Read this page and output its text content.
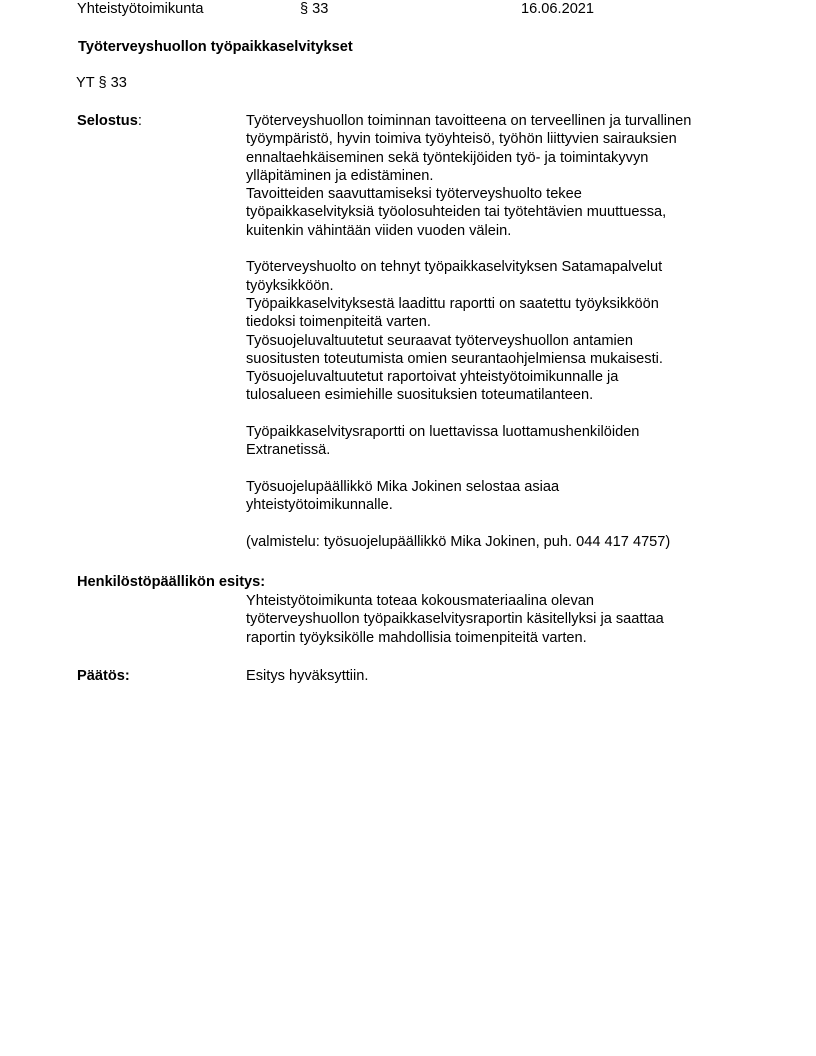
Yhteistyötoimikunta	§ 33	16.06.2021
Työterveyshuollon työpaikkaselvitykset
YT § 33
Selostus:	Työterveyshuollon toiminnan tavoitteena on terveellinen ja turvallinen

työympäristö, hyvin toimiva työyhteisö, työhön liittyvien sairauksien

ennaltaehkäiseminen sekä työntekijöiden työ- ja toimintakyvyn

ylläpitäminen ja edistäminen.

Tavoitteiden saavuttamiseksi työterveyshuolto tekee

työpaikkaselvityksiä työolosuhteiden tai työtehtävien muuttuessa,

kuitenkin vähintään viiden vuoden välein.

Työterveyshuolto on tehnyt työpaikkaselvityksen Satamapalvelut

työyksikköön.

Työpaikkaselvityksestä laadittu raportti on saatettu työyksikköön

tiedoksi toimenpiteitä varten.

Työsuojeluvaltuutetut seuraavat työterveyshuollon antamien

suositusten toteutumista omien seurantaohjelmiensa mukaisesti.

Työsuojeluvaltuutetut raportoivat yhteistyötoimikunnalle ja

tulosalueen esimiehille suosituksien toteumatilanteen.

Työpaikkaselvitysraportti on luettavissa luottamushenkilöiden

Extranetissä.

Työsuojelupäällikkö Mika Jokinen selostaa asiaa

yhteistyötoimikunnalle.

(valmistelu: työsuojelupäällikkö Mika Jokinen, puh. 044 417 4757)

Henkilöstöpäällikön esitys:

Yhteistyötoimikunta toteaa kokousmateriaalina olevan

työterveyshuollon työpaikkaselvitysraportin käsitellyksi ja saattaa

raportin työyksikölle mahdollisia toimenpiteitä varten.

Päätös:	Esitys hyväksyttiin.
